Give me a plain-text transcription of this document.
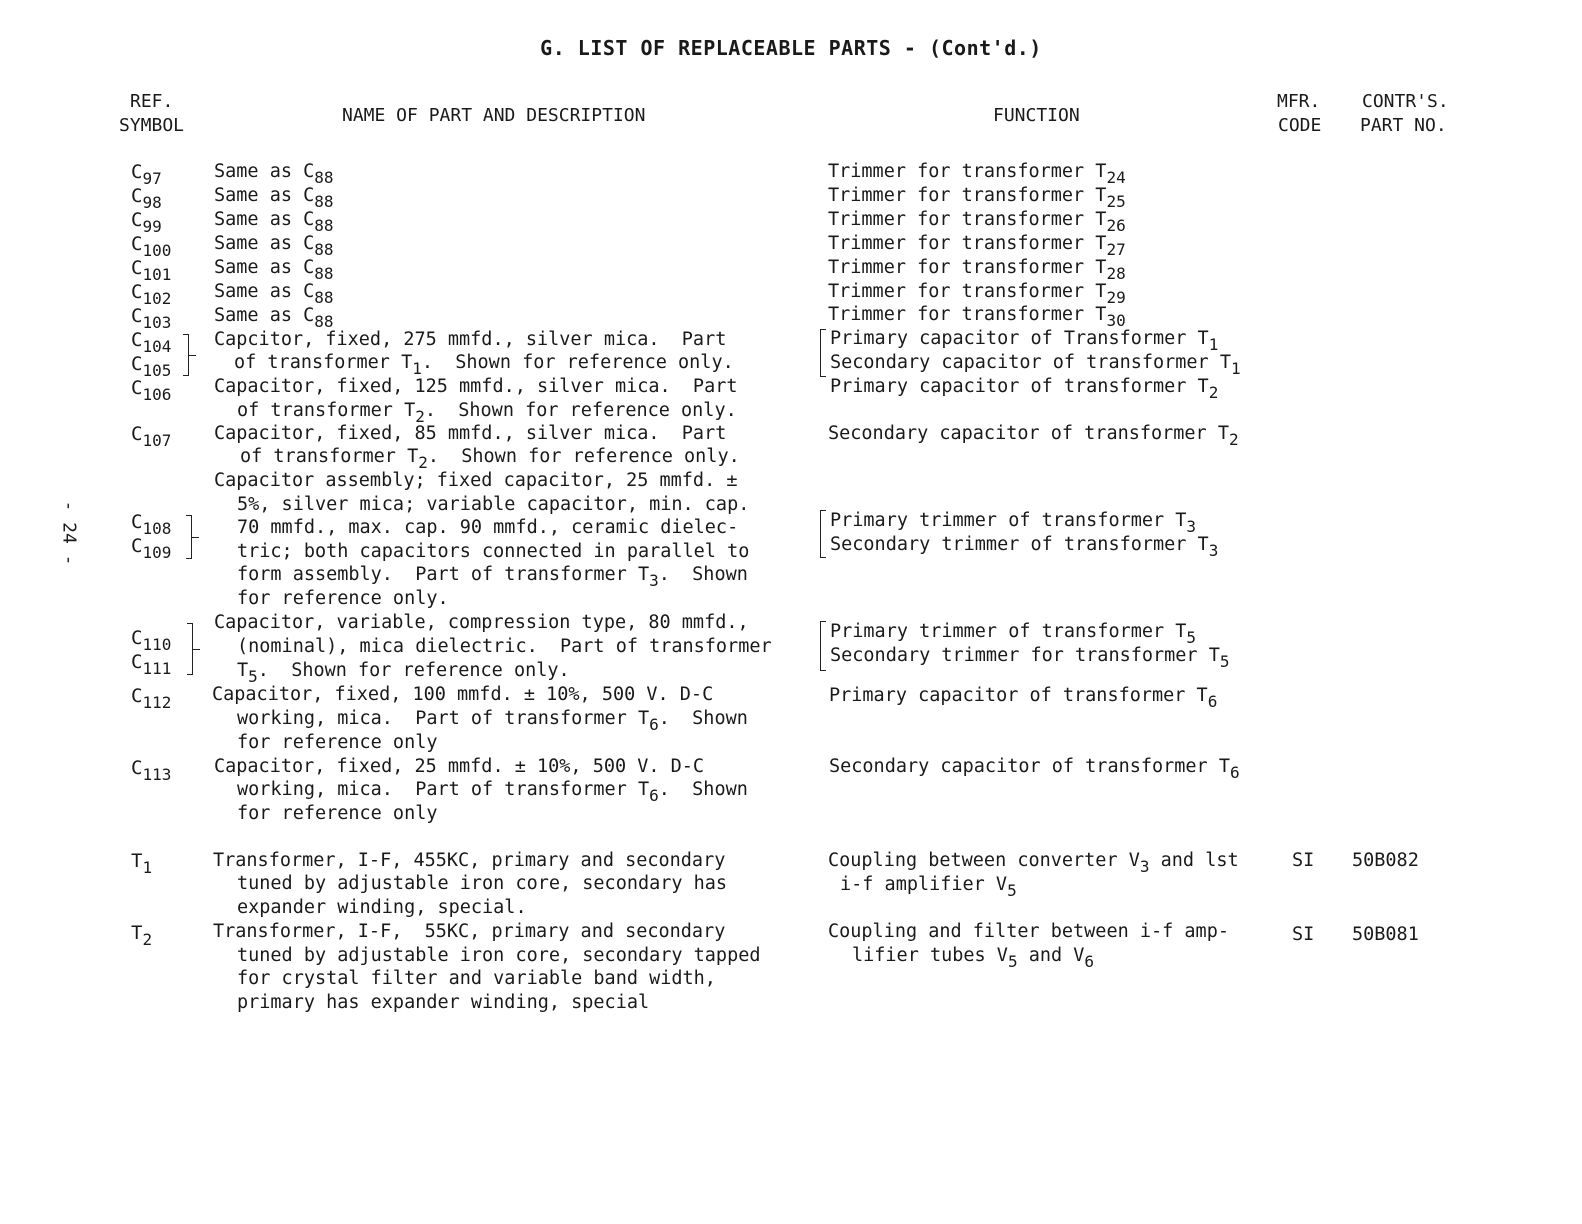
G. LIST OF REPLACEABLE PARTS - (Cont'd.)
REF.
SYMBOL	NAME OF PART AND DESCRIPTION	FUNCTION
MFR.
CODE
CONTR'S.
PART NO.
- 24 -
$C_{97}$
$C_{98}$
$C_{99}$
$C_{100}$
$C_{101}$
$C_{102}$
$C_{103}$
$C_{104}$
$C_{105}$
$C_{106}$
$C_{107}$
$C_{108}$
$C_{109}$
$C_{110}$
$C_{111}$
$C_{112}$
$C_{113}$
$T_1$
$T_2$
Same as $C_{88}$
Same as $C_{88}$
Same as $C_{88}$
Same as $C_{88}$
Same as $C_{88}$
Same as $C_{88}$
Same as $C_{88}$
Capcitor, fixed, 275 mmfd., silver mica.  Part
of transformer $T_1$.  Shown for reference only.
Capacitor, fixed, 125 mmfd., silver mica.  Part
of transformer $T_2$.  Shown for reference only.
Capacitor, fixed, 85 mmfd., silver mica.  Part
of transformer $T_2$.  Shown for reference only.
Capacitor assembly; fixed capacitor, 25 mmfd. ±
5%, silver mica; variable capacitor, min. cap.
70 mmfd., max. cap. 90 mmfd., ceramic dielec-
tric; both capacitors connected in parallel to
form assembly.  Part of transformer $T_3$.  Shown
for reference only.
Capacitor, variable, compression type, 80 mmfd.,
(nominal), mica dielectric.  Part of transformer
$T_5$.  Shown for reference only.
Capacitor, fixed, 100 mmfd. ± 10%, 500 V. D-C
working, mica.  Part of transformer $T_6$.  Shown
for reference only
Capacitor, fixed, 25 mmfd. ± 10%, 500 V. D-C
working, mica.  Part of transformer $T_6$.  Shown
for reference only
Transformer, I-F, 455KC, primary and secondary
tuned by adjustable iron core, secondary has
expander winding, special.
Transformer, I-F,  55KC, primary and secondary
tuned by adjustable iron core, secondary tapped
for crystal filter and variable band width,
primary has expander winding, special
Trimmer for transformer $T_{24}$
Trimmer for transformer $T_{25}$
Trimmer for transformer $T_{26}$
Trimmer for transformer $T_{27}$
Trimmer for transformer $T_{28}$
Trimmer for transformer $T_{29}$
Trimmer for transformer $T_{30}$
Primary capacitor of Transformer $T_1$
Secondary capacitor of transformer $T_1$
Primary capacitor of transformer $T_2$
Secondary capacitor of transformer $T_2$
Primary trimmer of transformer $T_3$
Secondary trimmer of transformer $T_3$
Primary trimmer of transformer $T_5$
Secondary trimmer for transformer $T_5$
Primary capacitor of transformer $T_6$
Secondary capacitor of transformer $T_6$
Coupling between converter $V_3$ and lst
i-f amplifier $V_5$
Coupling and filter between i-f amp-
lifier tubes $V_5$ and $V_6$
SI
SI
50B082
50B081
